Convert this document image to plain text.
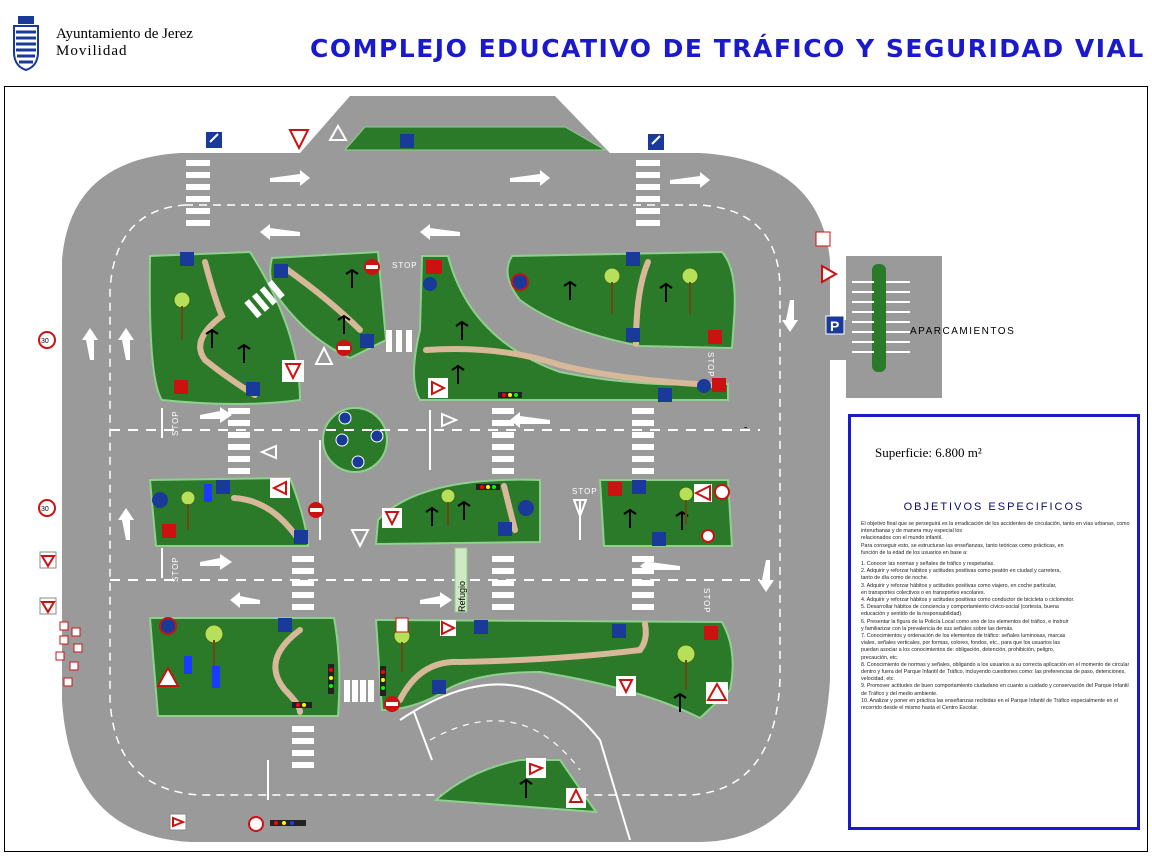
Ayuntamiento de Jerez
Movilidad	COMPLEJO EDUCATIVO DE TRÁFICO Y SEGURIDAD VIAL
STOP
STOP
STOP
STOP
STOP
STOP
Refugio
P
-
30
30
APARCAMIENTOS
Superficie: 6.800 m²
OBJETIVOS ESPECIFICOS

El objetivo final que se perseguirá es la erradicación de los accidentes de circulación, tanto en vías urbanas, como interurbanas y de manera muy especial los

relacionados con el mundo infantil.

Para conseguir esto, se estructuran las enseñanzas, tanto teóricas como prácticas, en

función de la edad de los usuarios en base a:

1. Conocer las normas y señales de tráfico y respetarlas.

2. Adquirir y reforzar hábitos y actitudes positivas como peatón en ciudad y carretera,

tanto de día como de noche.

3. Adquirir y reforzar hábitos y actitudes positivas como viajero, en coche particular,

en transportes colectivos o en transportes escolares.

4. Adquirir y reforzar hábitos y actitudes positivas como conductor de bicicleta o ciclomotor.

5. Desarrollar hábitos de conciencia y comportamiento cívico-social (cortesía, buena

educación y sentido de la responsabilidad).

6. Presentar la figura de la Policía Local como uno de los elementos del tráfico, e instruir

y familiarizar con la prevalencia de sus señales sobre las demás.

7. Conocimientos y ordenación de los elementos de tráfico: señales luminosas, marcas

viales, señales verticales, por formas, colores, fondos, etc., para que los usuarios las

puedan asociar a los conocimientos de: obligación, detención, prohibición, peligro,

precaución, etc.

8. Conocimiento de normas y señales, obligando a los usuarios a su correcta aplicación en el momento de circular dentro y fuera del Parque Infantil de Tráfico, incluyendo cuestiones como: las preferencias de paso, detenciones, velocidad, etc.

9. Promover actitudes de buen comportamiento ciudadano en cuanto a cuidado y conservación del Parque Infantil de Tráfico y del medio ambiente.

10. Analizar y poner en práctica las enseñanzas recibidas en el Parque Infantil de Tráfico especialmente en el recorrido desde el mismo hasta el Centro Escolar.
